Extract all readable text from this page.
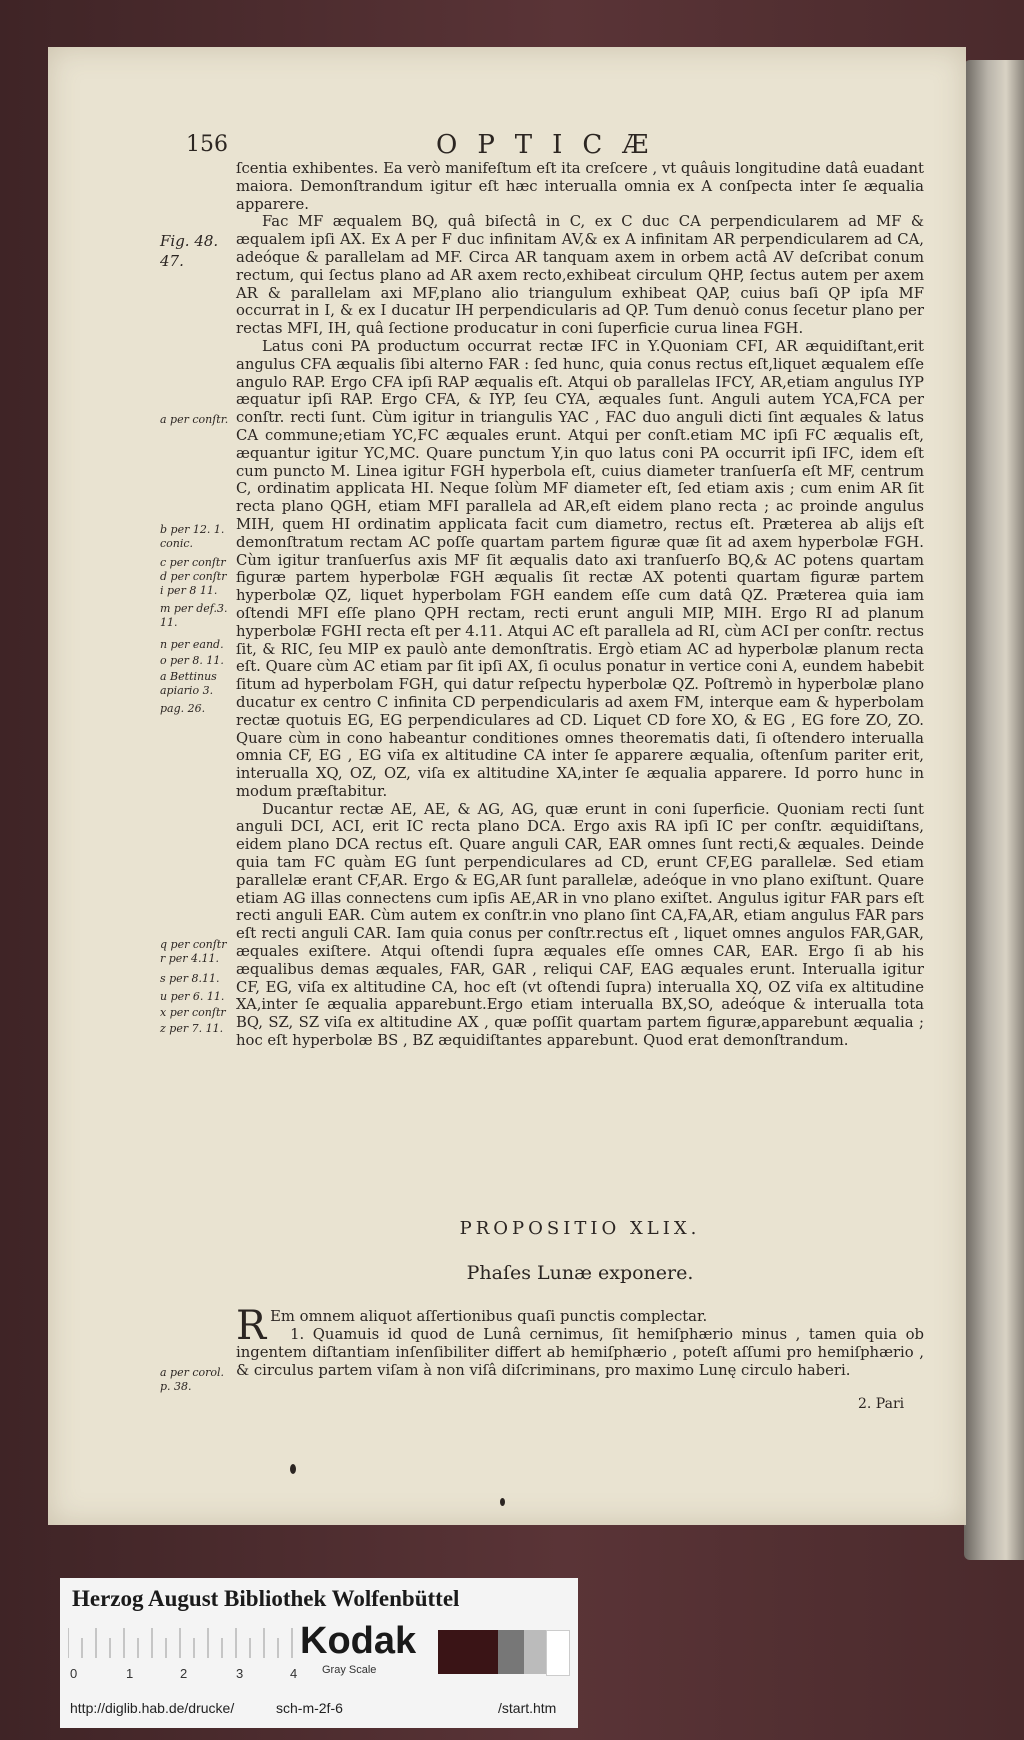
156	OPTICÆ
Fig. 48.
47.
a per conſtr.
b per 12. 1. conic.
c per conſtr
d per conſtr
i per 8 11.
m per def.3. 11.
n per eand.
o per 8. 11.
a Bettinus apiario 3.
pag. 26.
q per conſtr
r per 4.11.
s per 8.11.
u per 6. 11.
x per conſtr
z per 7. 11.
a per corol. p. 38.

ſcentia exhibentes. Ea verò manifeſtum eſt ita creſcere , vt quâuis longitudine datâ euadant maiora. Demonſtrandum igitur eſt hæc interualla omnia ex A conſpecta inter ſe æqualia apparere.

Fac MF æqualem BQ, quâ biſectâ in C, ex C duc CA perpendicularem ad MF & æqualem ipſi AX. Ex A per F duc infinitam AV,& ex A infinitam AR perpendicularem ad CA, adeóque & parallelam ad MF. Circa AR tanquam axem in orbem actâ AV deſcribat conum rectum, qui ſectus plano ad AR axem recto,exhibeat circulum QHP, ſectus autem per axem AR & parallelam axi MF,plano alio triangulum exhibeat QAP, cuius baſi QP ipſa MF occurrat in I, & ex I ducatur IH perpendicularis ad QP. Tum denuò conus ſecetur plano per rectas MFI, IH, quâ ſectione producatur in coni ſuperficie curua linea FGH.

Latus coni PA productum occurrat rectæ IFC in Y.Quoniam CFI, AR æquidiſtant,erit angulus CFA æqualis ſibi alterno FAR : ſed hunc, quia conus rectus eſt,liquet æqualem eſſe angulo RAP. Ergo CFA ipſi RAP æqualis eſt. Atqui ob parallelas IFCY, AR,etiam angulus IYP æquatur ipſi RAP. Ergo CFA, & IYP, ſeu CYA, æquales ſunt. Anguli autem YCA,FCA per conſtr. recti ſunt. Cùm igitur in triangulis YAC , FAC duo anguli dicti ſint æquales & latus CA commune;etiam YC,FC æquales erunt. Atqui per conſt.etiam MC ipſi FC æqualis eſt, æquantur igitur YC,MC. Quare punctum Y,in quo latus coni PA occurrit ipſi IFC, idem eſt cum puncto M. Linea igitur FGH hyperbola eſt, cuius diameter tranſuerſa eſt MF, centrum C, ordinatim applicata HI. Neque ſolùm MF diameter eſt, ſed etiam axis ; cum enim AR ſit recta plano QGH, etiam MFI parallela ad AR,eſt eidem plano recta ; ac proinde angulus MIH, quem HI ordinatim applicata facit cum diametro, rectus eſt. Præterea ab alijs eſt demonſtratum rectam AC poſſe quartam partem figuræ quæ ſit ad axem hyperbolæ FGH. Cùm igitur tranſuerſus axis MF ſit æqualis dato axi tranſuerſo BQ,& AC potens quartam figuræ partem hyperbolæ FGH æqualis ſit rectæ AX potenti quartam figuræ partem hyperbolæ QZ, liquet hyperbolam FGH eandem eſſe cum datâ QZ. Præterea quia iam oſtendi MFI eſſe plano QPH rectam, recti erunt anguli MIP, MIH. Ergo RI ad planum hyperbolæ FGHI recta eſt per 4.11. Atqui AC eſt parallela ad RI, cùm ACI per conſtr. rectus ſit, & RIC, ſeu MIP ex paulò ante demonſtratis. Ergò etiam AC ad hyperbolæ planum recta eſt. Quare cùm AC etiam par ſit ipſi AX, ſi oculus ponatur in vertice coni A, eundem habebit ſitum ad hyperbolam FGH, qui datur reſpectu hyperbolæ QZ. Poſtremò in hyperbolæ plano ducatur ex centro C infinita CD perpendicularis ad axem FM, interque eam & hyperbolam rectæ quotuis EG, EG perpendiculares ad CD. Liquet CD fore XO, & EG , EG fore ZO, ZO. Quare cùm in cono habeantur conditiones omnes theorematis dati, ſi oſtendero interualla omnia CF, EG , EG viſa ex altitudine CA inter ſe apparere æqualia, oſtenſum pariter erit, interualla XQ, OZ, OZ, viſa ex altitudine XA,inter ſe æqualia apparere. Id porro hunc in modum præſtabitur.

Ducantur rectæ AE, AE, & AG, AG, quæ erunt in coni ſuperficie. Quoniam recti ſunt anguli DCI, ACI, erit IC recta plano DCA. Ergo axis RA ipſi IC per conſtr. æquidiſtans, eidem plano DCA rectus eſt. Quare anguli CAR, EAR omnes ſunt recti,& æquales. Deinde quia tam FC quàm EG ſunt perpendiculares ad CD, erunt CF,EG parallelæ. Sed etiam parallelæ erant CF,AR. Ergo & EG,AR ſunt parallelæ, adeóque in vno plano exiſtunt. Quare etiam AG illas connectens cum ipſis AE,AR in vno plano exiſtet. Angulus igitur FAR pars eſt recti anguli EAR. Cùm autem ex conſtr.in vno plano ſint CA,FA,AR, etiam angulus FAR pars eſt recti anguli CAR. Iam quia conus per conſtr.rectus eſt , liquet omnes angulos FAR,GAR, æquales exiſtere. Atqui oſtendi ſupra æquales eſſe omnes CAR, EAR. Ergo ſi ab his æqualibus demas æquales, FAR, GAR , reliqui CAF, EAG æquales erunt. Interualla igitur CF, EG, viſa ex altitudine CA, hoc eſt (vt oſtendi ſupra) interualla XQ, OZ viſa ex altitudine XA,inter ſe æqualia apparebunt.Ergo etiam interualla BX,SO, adeóque & interualla tota BQ, SZ, SZ viſa ex altitudine AX , quæ poſſit quartam partem figuræ,apparebunt æqualia ; hoc eſt hyperbolæ BS , BZ æquidiſtantes apparebunt. Quod erat demonſtrandum.

PROPOSITIO XLIX.
Phaſes Lunæ exponere.
R Em omnem aliquot aſſertionibus quaſi punctis complectar.
1. Quamuis id quod de Lunâ cernimus, ſit hemiſphærio minus , tamen quia ob ingentem diſtantiam inſenſibiliter differt ab hemiſphærio , poteſt aſſumi pro hemiſphærio , & circulus partem viſam à non viſâ diſcriminans, pro maximo Lunę circulo haberi.
2. Pari
Herzog August Bibliothek Wolfenbüttel
0	1	2	3	4
Kodak
Gray Scale
http://diglib.hab.de/drucke/	sch-m-2f-6	/start.htm
